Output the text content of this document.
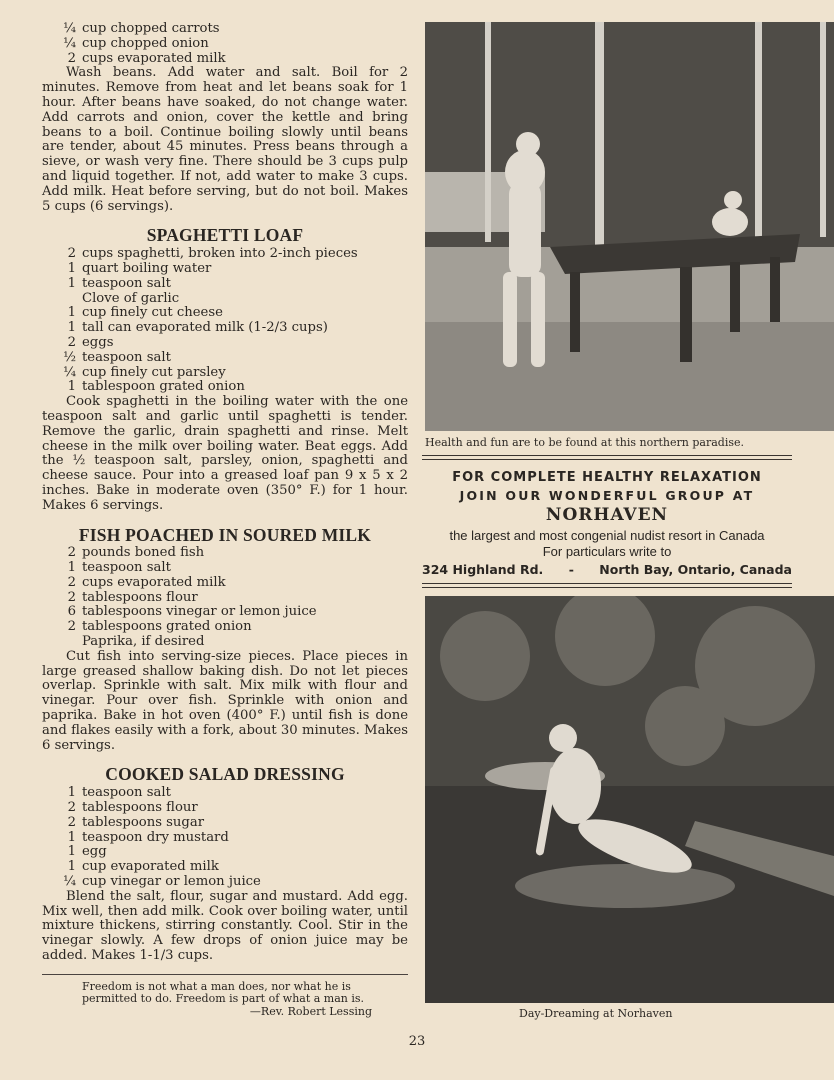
¼ cup chopped carrots
¼ cup chopped onion
2 cups evaporated milk

Wash beans. Add water and salt. Boil for 2 minutes. Remove from heat and let beans soak for 1 hour. After beans have soaked, do not change water. Add carrots and onion, cover the kettle and bring beans to a boil. Continue boiling slowly until beans are tender, about 45 minutes. Press beans through a sieve, or wash very fine. There should be 3 cups pulp and liquid together. If not, add water to make 3 cups. Add milk. Heat before serving, but do not boil. Makes 5 cups (6 servings).

SPAGHETTI LOAF
2 cups spaghetti, broken into 2-inch pieces
1 quart boiling water
1 teaspoon salt
Clove of garlic
1 cup finely cut cheese
1 tall can evaporated milk (1-2/3 cups)
2 eggs
½ teaspoon salt
¼ cup finely cut parsley
1 tablespoon grated onion

Cook spaghetti in the boiling water with the one teaspoon salt and garlic until spaghetti is tender. Remove the garlic, drain spaghetti and rinse. Melt cheese in the milk over boiling water. Beat eggs. Add the ½ teaspoon salt, parsley, onion, spaghetti and cheese sauce. Pour into a greased loaf pan 9 x 5 x 2 inches. Bake in moderate oven (350° F.) for 1 hour. Makes 6 servings.

FISH POACHED IN SOURED MILK
2 pounds boned fish
1 teaspoon salt
2 cups evaporated milk
2 tablespoons flour
6 tablespoons vinegar or lemon juice
2 tablespoons grated onion
Paprika, if desired

Cut fish into serving-size pieces. Place pieces in large greased shallow baking dish. Do not let pieces overlap. Sprinkle with salt. Mix milk with flour and vinegar. Pour over fish. Sprinkle with onion and paprika. Bake in hot oven (400° F.) until fish is done and flakes easily with a fork, about 30 minutes. Makes 6 servings.

COOKED SALAD DRESSING
1 teaspoon salt
2 tablespoons flour
2 tablespoons sugar
1 teaspoon dry mustard
1 egg
1 cup evaporated milk
¼ cup vinegar or lemon juice

Blend the salt, flour, sugar and mustard. Add egg. Mix well, then add milk. Cook over boiling water, until mixture thickens, stirring constantly. Cool. Stir in the vinegar slowly. A few drops of onion juice may be added. Makes 1-1/3 cups.

Freedom is not what a man does, nor what he is permitted to do. Freedom is part of what a man is.
—Rev. Robert Lessing
Health and fun are to be found at this northern paradise.
FOR COMPLETE HEALTHY RELAXATION
JOIN OUR WONDERFUL GROUP AT
NORHAVEN
the largest and most congenial nudist resort in Canada
For particulars write to
324 Highland Rd. - North Bay, Ontario, Canada
Day-Dreaming at Norhaven
23
